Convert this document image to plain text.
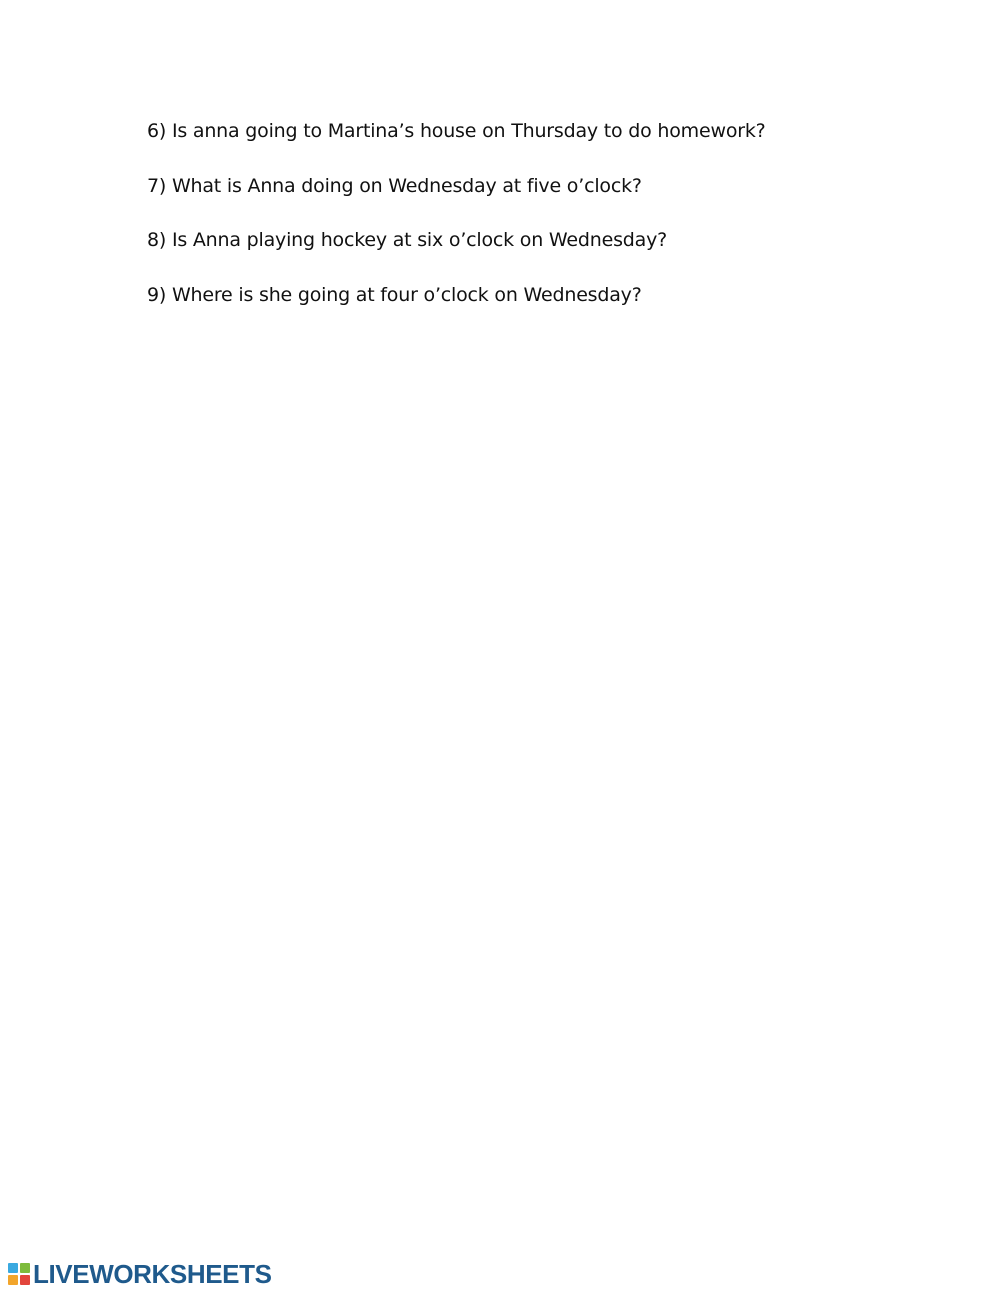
6) Is anna going to Martina’s house on Thursday to do homework?
7) What is Anna doing on Wednesday at five o’clock?
8) Is Anna playing hockey at six o’clock on Wednesday?
9) Where is she going at four o’clock on Wednesday?
LIVEWORKSHEETS
